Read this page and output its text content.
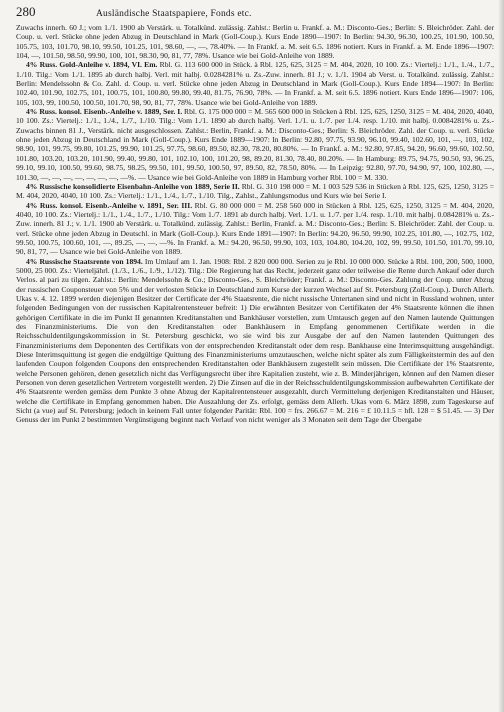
280	Ausländische Staatspapiere, Fonds etc.

Zuwachs innerh. 60 J.; vom 1./1. 1900 ab Verstärk. u. Totalkünd. zulässig. Zahlst.: Berlin u. Frankf. a. M.: Disconto-Ges.; Berlin: S. Bleichröder. Zahl. der Coup. u. verl. Stücke ohne jeden Abzug in Deutschland in Mark (Goll-Coup.). Kurs Ende 1890—1907: In Berlin: 94.30, 96.30, 100.25, 101.90, 100.50, 105.75, 103, 101.70, 98.10, 99.50, 101.25, 101, 98.60, —, —, 78.40%. — In Frankf. a. M. seit 6.5. 1896 notiert. Kurs in Frankf. a. M. Ende 1896—1907: 104, —, 101.50, 98.50, 99.90, 100, 101, 98.30, 90, 81, 77, 78%. Usance wie bei Gold-Anleihe von 1889.

4% Russ. Gold-Anleihe v. 1894, VI. Em. Rbl. G. 113 600 000 in Stück. à Rbl. 125, 625, 3125 = M. 404, 2020, 10 100. Zs.: Viertelj.: 1./1., 1./4., 1./7., 1./10. Tilg.: Vom 1./1. 1895 ab durch halbj. Verl. mit halbj. 0.0284281% u. Zs.-Zuw. innerh. 81 J.; v. 1./1. 1904 ab Verst. u. Totalkünd. zulässig. Zahlst.: Berlin: Mendelssohn & Co. Zahl. d. Coup. u. verl. Stücke ohne jeden Abzug in Deutschland in Mark (Goll-Coup.). Kurs Ende 1894—1907: In Berlin: 102.40, 101.90, 102.75, 101, 100.75, 101, 100.80, 99.80, 99.40, 81.75, 76.90, 78%. — In Frankf. a. M. seit 6.5. 1896 notiert. Kurs Ende 1896—1907: 106, 105, 103, 99, 100.50, 100.50, 101.70, 98, 90, 81, 77, 78%. Usance wie bei Gold-Anleihe von 1889.

4% Russ. konsol. Eisenb.-Anleihe v. 1889, Ser. I. Rbl. G. 175 000 000 = M. 565 600 000 in Stücken à Rbl. 125, 625, 1250, 3125 = M. 404, 2020, 4040, 10 100. Zs.: Viertelj.: 1./1., 1./4., 1./7., 1./10. Tilg.: Vom 1./1. 1890 ab durch halbj. Verl. 1./1. u. 1./7. per 1./4. resp. 1./10. mit halbj. 0.0084281% u. Zs.-Zuwachs binnen 81 J., Verstärk. nicht ausgeschlossen. Zahlst.: Berlin, Frankf. a. M.: Disconto-Ges.; Berlin: S. Bleichröder. Zahl. der Coup. u. verl. Stücke ohne jeden Abzug in Deutschland in Mark (Goll-Coup.). Kurs Ende 1889—1907: In Berlin: 92.80, 97.75, 93.90, 96.10, 99.40, 102.60, 101, —, 103, 102, 98.90, 101, 99.75, 99.80, 101.25, 99.90, 101.25, 97.75, 98.60, 89.50, 82.30, 78.20, 80.80%. — In Frankf. a. M.: 92.80, 97.85, 94.20, 96.60, 99.60, 102.50, 101.80, 103.20, 103.20, 101.90, 99.40, 99.80, 101, 102.10, 100, 101.20, 98, 89.20, 81.30, 78.40, 80.20%. — In Hamburg: 89.75, 94.75, 90.50, 93, 96.25, 99.10, 99.10, 100.50, 99.60, 98.75, 98.25, 99.50, 101, 99.50, 100.50, 97, 89.50, 82, 78.50, 80%. — In Leipzig: 92.80, 97.70, 94.90, 97, 100, 102.80, —, 101.30, —, —, —, —, —, —, —, —%. — Usance wie bei Gold-Anleihe von 1889 in Hamburg vorher Rbl. 100 = M. 330.

4% Russische konsolidierte Eisenbahn-Anleihe von 1889, Serie II. Rbl. G. 310 198 000 = M. 1 003 529 536 in Stücken à Rbl. 125, 625, 1250, 3125 = M. 404, 2020, 4040, 10 100. Zs.: Viertelj.: 1./1., 1./4., 1./7., 1./10. Tilg., Zahlst., Zahlungsmodus und Kurs wie bei Serie I.

4% Russ. konsol. Eisenb.-Anleihe v. 1891, Ser. III. Rbl. G. 80 000 000 = M. 258 560 000 in Stücken à Rbl. 125, 625, 1250, 3125 = M. 404, 2020, 4040, 10 100. Zs.: Viertelj.: 1./1., 1./4., 1./7., 1./10. Tilg.: Vom 1./7. 1891 ab durch halbj. Verl. 1./1. u. 1./7. per 1./4. resp. 1./10. mit halbj. 0.084281% u. Zs.-Zuw. innerh. 81 J.; v. 1./1. 1900 ab Verstärk. u. Totalkünd. zulässig. Zahlst.: Berlin, Frankf. a. M.: Disconto-Ges.; Berlin: S. Bleichröder. Zahl. der Coup. u. verl. Stücke ohne jeden Abzug in Deutschl. in Mark (Goll-Coup.). Kurs Ende 1891—1907: In Berlin: 94.20, 96.50, 99.90, 102.25, 101.80, —, 102.75, 102, 99.50, 100.75, 100.60, 101, —, 89.25, —, —, —%. In Frankf. a. M.: 94.20, 96.50, 99.90, 103, 103, 104.80, 104.20, 102, 99, 99.50, 101.50, 101.70, 99.10, 90, 81, 77, — Usance wie bei Gold-Anleihe von 1889.

4% Russische Staatsrente von 1894. Im Umlauf am 1. Jan. 1908: Rbl. 2 820 000 000. Serien zu je Rbl. 10 000 000. Stücke à Rbl. 100, 200, 500, 1000, 5000, 25 000. Zs.: Vierteljährl. (1./3., 1./6., 1./9., 1./12). Tilg.: Die Regierung hat das Recht, jederzeit ganz oder teilweise die Rente durch Ankauf oder durch Verlos. al pari zu tilgen. Zahlst.: Berlin: Mendelssohn & Co.; Disconto-Ges., S. Bleichröder; Frankf. a. M.: Disconto-Ges. Zahlung der Coup. unter Abzug der russischen Couponsteuer von 5% und der verlosten Stücke in Deutschland zum Kurse der kurzen Wechsel auf St. Petersburg (Zoll-Coup.). Durch Allerh. Ukas v. 4. 12. 1899 werden diejenigen Besitzer der Certificate der 4% Staatsrente, die nicht russische Untertanen sind und nicht in Russland wohnen, unter folgenden Bedingungen von der russischen Kapitalrentensteuer befreit: 1) Die erwähnten Besitzer von Certifikaten der 4% Staatsrente können die ihnen gehörigen Certifikate in die im Punkt II genannten Kreditanstalten und Bankhäuser vorstellen, zum Umtausch gegen auf den Namen lautende Quittungen des Finanzministeriums. Die von den Kreditanstalten oder Bankhäusern in Empfang genommenen Certifikate werden in die Reichsschuldentilgungskommission in St. Petersburg geschickt, wo sie wird bis zur Ausgabe der auf den Namen lautenden Quittungen des Finanzministeriums dem Deponenten des Certifikats von der entsprechenden Kreditanstalt oder dem resp. Bankhause eine Interimsquittung ausgehändigt. Diese Interimsquittung ist gegen die endgültige Quittung des Finanzministeriums umzutauschen, welche nicht später als zum Fälligkeitstermin des auf den laufenden Coupon folgenden Coupons den entsprechenden Kreditanstalten oder Bankhäusern zugestellt sein müssen. Die Certifikate der 1% Staatsrente, welche Personen gehören, denen gesetzlich nicht das Verfügungsrecht über ihre Kapitalien zusteht, wie z. B. Minderjährigen, können auf den Namen dieser Personen von deren gesetzlichen Vertretern vorgestellt werden. 2) Die Zinsen auf die in der Reichsschuldentilgungskommission aufbewahrten Certifikate der 4% Staatsrente werden gemäss dem Punkte 3 ohne Abzug der Kapitalrentensteuer ausgezahlt, durch Vermittelung derjenigen Kreditanstalten und Häuser, welche die Certifikate in Empfang genommen haben. Die Auszahlung der Zs. erfolgt, gemäss dem Allerh. Ukas vom 6. März 1898, zum Tageskurse auf Sicht (a vue) auf St. Petersburg; jedoch in keinem Fall unter folgender Parität: Rbl. 100 = frs. 266.67 = M. 216 = £ 10.11.5 = hfl. 128 = $ 51.45. — 3) Der Genuss der im Punkt 2 bestimmten Vergünstigung beginnt nach Verlauf von nicht weniger als 3 Monaten seit dem Tage der Übergabe
